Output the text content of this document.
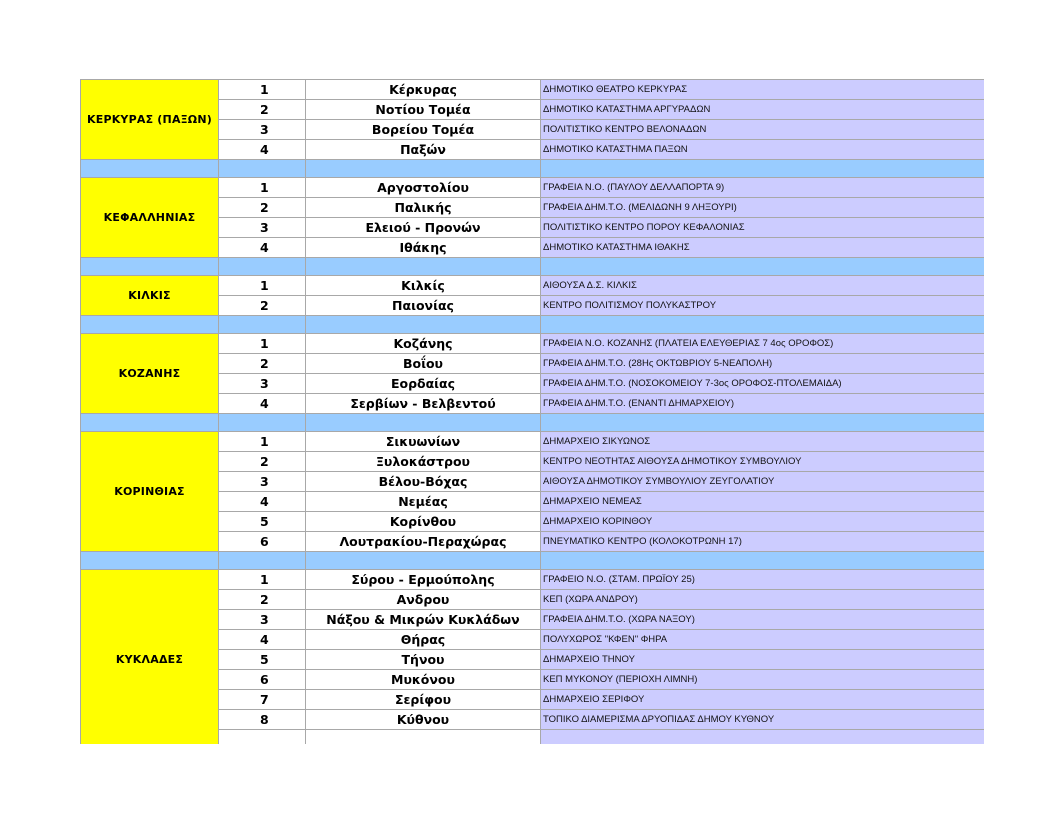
ΚΕΡΚΥΡΑΣ (ΠΑΞΩΝ)	1	Κέρκυρας	ΔΗΜΟΤΙΚΟ ΘΕΑΤΡΟ ΚΕΡΚΥΡΑΣ
	2	Νοτίου Τομέα	ΔΗΜΟΤΙΚΟ ΚΑΤΑΣΤΗΜΑ ΑΡΓΥΡΑΔΩΝ
	3	Βορείου Τομέα	ΠΟΛΙΤΙΣΤΙΚΟ ΚΕΝΤΡΟ ΒΕΛΟΝΑΔΩΝ
	4	Παξών	ΔΗΜΟΤΙΚΟ ΚΑΤΑΣΤΗΜΑ ΠΑΞΩΝ

ΚΕΦΑΛΛΗΝΙΑΣ	1	Αργοστολίου	ΓΡΑΦΕΙΑ Ν.Ο. (ΠΑΥΛΟΥ ΔΕΛΛΑΠΟΡΤΑ 9)
	2	Παλικής	ΓΡΑΦΕΙΑ ΔΗΜ.Τ.Ο. (ΜΕΛΙΔΩΝΗ 9 ΛΗΞΟΥΡΙ)
	3	Ελειού - Προνών	ΠΟΛΙΤΙΣΤΙΚΟ ΚΕΝΤΡΟ ΠΟΡΟΥ ΚΕΦΑΛΟΝΙΑΣ
	4	Ιθάκης	ΔΗΜΟΤΙΚΟ ΚΑΤΑΣΤΗΜΑ ΙΘΑΚΗΣ

ΚΙΛΚΙΣ	1	Κιλκίς	ΑΙΘΟΥΣΑ Δ.Σ. ΚΙΛΚΙΣ
	2	Παιονίας	ΚΕΝΤΡΟ ΠΟΛΙΤΙΣΜΟΥ ΠΟΛΥΚΑΣΤΡΟΥ

ΚΟΖΑΝΗΣ	1	Κοζάνης	ΓΡΑΦΕΙΑ Ν.Ο. ΚΟΖΑΝΗΣ (ΠΛΑΤΕΙΑ ΕΛΕΥΘΕΡΙΑΣ 7 4ος ΟΡΟΦΟΣ)
	2	Βοΐου	ΓΡΑΦΕΙΑ ΔΗΜ.Τ.Ο. (28Ης ΟΚΤΩΒΡΙΟΥ 5-ΝΕΑΠΟΛΗ)
	3	Εορδαίας	ΓΡΑΦΕΙΑ ΔΗΜ.Τ.Ο. (ΝΟΣΟΚΟΜΕΙΟΥ 7-3ος ΟΡΟΦΟΣ-ΠΤΟΛΕΜΑΙΔΑ)
	4	Σερβίων - Βελβεντού	ΓΡΑΦΕΙΑ ΔΗΜ.Τ.Ο. (ΕΝΑΝΤΙ ΔΗΜΑΡΧΕΙΟΥ)

ΚΟΡΙΝΘΙΑΣ	1	Σικυωνίων	ΔΗΜΑΡΧΕΙΟ ΣΙΚΥΩΝΟΣ
	2	Ξυλοκάστρου	ΚΕΝΤΡΟ ΝΕΟΤΗΤΑΣ ΑΙΘΟΥΣΑ ΔΗΜΟΤΙΚΟΥ ΣΥΜΒΟΥΛΙΟΥ
	3	Βέλου-Βόχας	ΑΙΘΟΥΣΑ ΔΗΜΟΤΙΚΟΥ ΣΥΜΒΟΥΛΙΟΥ ΖΕΥΓΟΛΑΤΙΟΥ
	4	Νεμέας	ΔΗΜΑΡΧΕΙΟ ΝΕΜΕΑΣ
	5	Κορίνθου	ΔΗΜΑΡΧΕΙΟ ΚΟΡΙΝΘΟΥ
	6	Λουτρακίου-Περαχώρας	ΠΝΕΥΜΑΤΙΚΟ ΚΕΝΤΡΟ (ΚΟΛΟΚΟΤΡΩΝΗ 17)

ΚΥΚΛΑΔΕΣ	1	Σύρου - Ερμούπολης	ΓΡΑΦΕΙΟ Ν.Ο. (ΣΤΑΜ. ΠΡΩΪΟΥ 25)
	2	Ανδρου	ΚΕΠ (ΧΩΡΑ ΑΝΔΡΟΥ)
	3	Νάξου & Μικρών Κυκλάδων	ΓΡΑΦΕΙΑ ΔΗΜ.Τ.Ο. (ΧΩΡΑ ΝΑΞΟΥ)
	4	Θήρας	ΠΟΛΥΧΩΡΟΣ "ΚΦΕΝ" ΦΗΡΑ
	5	Τήνου	ΔΗΜΑΡΧΕΙΟ ΤΗΝΟΥ
	6	Μυκόνου	ΚΕΠ ΜΥΚΟΝΟΥ (ΠΕΡΙΟΧΗ ΛΙΜΝΗ)
	7	Σερίφου	ΔΗΜΑΡΧΕΙΟ ΣΕΡΙΦΟΥ
	8	Κύθνου	ΤΟΠΙΚΟ ΔΙΑΜΕΡΙΣΜΑ ΔΡΥΟΠΙΔΑΣ ΔΗΜΟΥ ΚΥΘΝΟΥ
